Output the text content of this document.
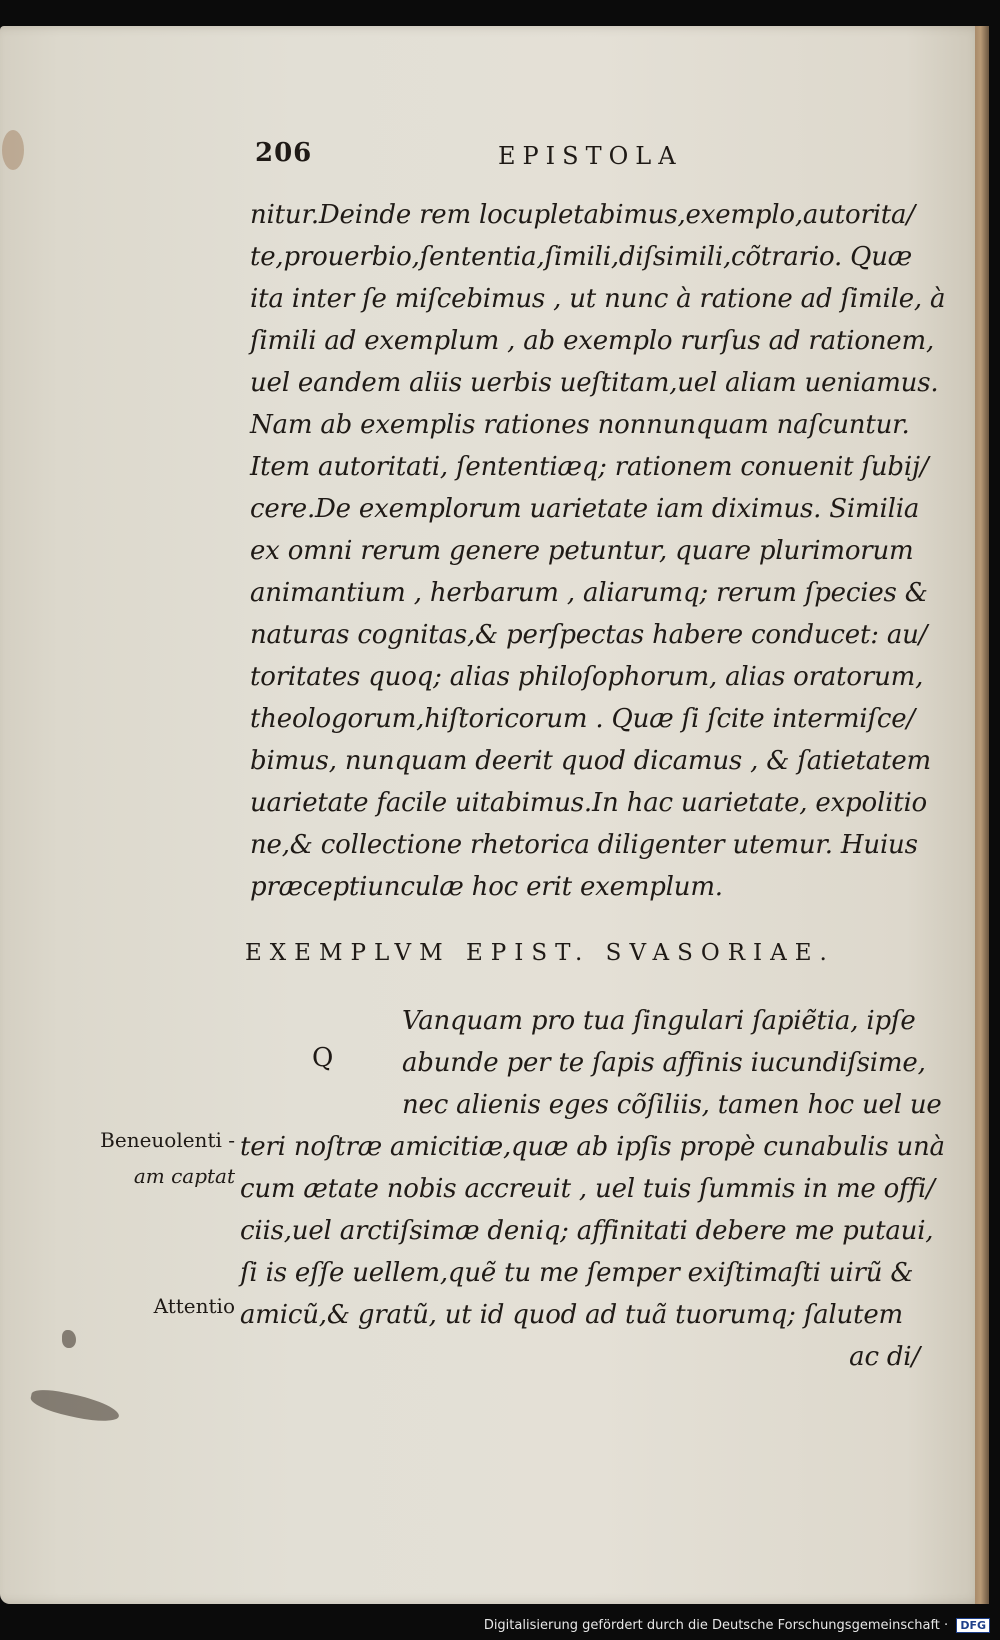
206	EPISTOLA
nitur.Deinde rem locupletabimus,exemplo,autorita/
te,prouerbio,ſententia,ſimili,diſsimili,cõtrario. Quæ
ita inter ſe miſcebimus , ut nunc à ratione ad ſimile, à
ſimili ad exemplum , ab exemplo rurſus ad rationem,
uel eandem aliis uerbis ueſtitam,uel aliam ueniamus.
Nam ab exemplis rationes nonnunquam naſcuntur.
Item autoritati, ſententiæq; rationem conuenit ſubij/
cere.De exemplorum uarietate iam diximus. Similia
ex omni rerum genere petuntur, quare plurimorum
animantium , herbarum , aliarumq; rerum ſpecies &
naturas cognitas,& perſpectas habere conducet: au/
toritates quoq; alias philoſophorum, alias oratorum,
theologorum,hiſtoricorum . Quæ ſi ſcite intermiſce/
bimus, nunquam deerit quod dicamus , & ſatietatem
uarietate facile uitabimus.In hac uarietate, expolitio
ne,& collectione rhetorica diligenter utemur. Huius
præceptiunculæ hoc erit exemplum.
EXEMPLVM EPIST. SVASORIAE.
Q
Vanquam pro tua ſingulari ſapiẽtia, ipſe
abunde per te ſapis affinis iucundiſsime,
nec alienis eges cõſiliis, tamen hoc uel ue
teri noſtræ amicitiæ,quæ ab ipſis propè cunabulis unà
cum ætate nobis accreuit , uel tuis ſummis in me offi/
ciis,uel arctiſsimæ deniq; affinitati debere me putaui,
ſi is eſſe uellem,quẽ tu me ſemper exiſtimaſti uirũ &
amicũ,& gratũ, ut id quod ad tuã tuorumq; ſalutem
ac di/
Beneuolenti -
am captat
Attentio
Digitalisierung gefördert durch die Deutsche Forschungsgemeinschaft · DFG
